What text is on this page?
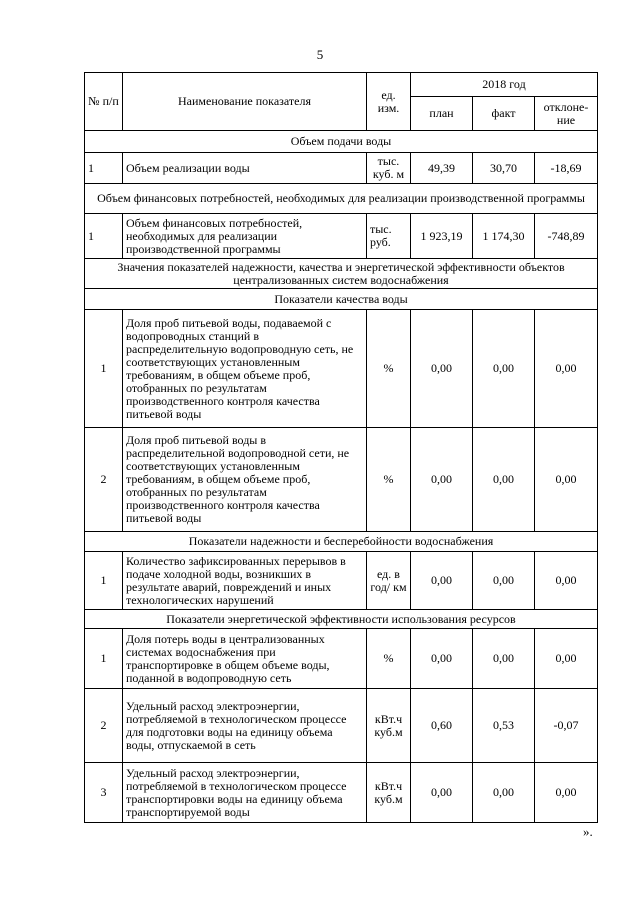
5
№ п/п	Наименование показателя	ед. изм.	2018 год		
			план	факт	отклоне-ние
Объем подачи воды					
1	Объем реализации воды	тыс. куб. м	49,39	30,70	-18,69
Объем финансовых потребностей, необходимых для реализации производственной программы					
1	Объем финансовых потребностей, необходимых для реализации производственной программы	тыс. руб.	1 923,19	1 174,30	-748,89
Значения показателей надежности, качества и энергетической эффективности объектов централизованных систем водоснабжения					
Показатели качества воды					
1	Доля проб питьевой воды, подаваемой с водопроводных станций в распределительную водопроводную сеть, не соответствующих установленным требованиям, в общем объеме проб, отобранных по результатам производственного контроля качества питьевой воды	%	0,00	0,00	0,00
2	Доля проб питьевой воды в распределительной водопроводной сети, не соответствующих установленным требованиям, в общем объеме проб, отобранных по результатам производственного контроля качества питьевой воды	%	0,00	0,00	0,00
Показатели надежности и бесперебойности водоснабжения					
1	Количество зафиксированных перерывов в подаче холодной воды, возникших в результате аварий, повреждений и иных технологических нарушений	ед. в год/ км	0,00	0,00	0,00
Показатели энергетической эффективности использования ресурсов					
1	Доля потерь воды в централизованных системах водоснабжения при транспортировке в общем объеме воды, поданной в водопроводную сеть	%	0,00	0,00	0,00
2	Удельный расход электроэнергии, потребляемой в технологическом процессе для подготовки воды на единицу объема воды, отпускаемой в сеть	кВт.ч куб.м	0,60	0,53	-0,07
3	Удельный расход электроэнергии, потребляемой в технологическом процессе транспортировки воды на единицу объема транспортируемой воды	кВт.ч куб.м	0,00	0,00	0,00
».
